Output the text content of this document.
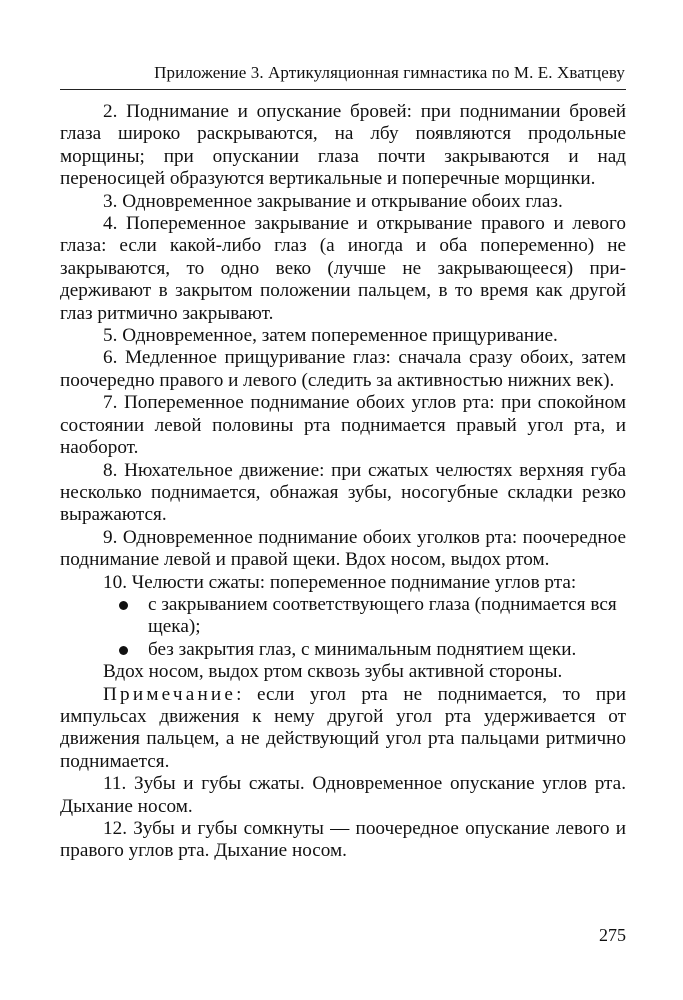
Приложение 3. Артикуляционная гимнастика по М. Е. Хватцеву

2. Поднимание и опускание бровей: при поднимании бровей глаза широко раскрываются, на лбу появляются продольные морщины; при опускании глаза почти закрываются и над переносицей образуются вертикальные и поперечные морщинки.

3. Одновременное закрывание и открывание обоих глаз.

4. Попеременное закрывание и открывание правого и левого глаза: если какой-либо глаз (а иногда и оба попеременно) не закрываются, то одно веко (лучше не закрывающееся) придерживают в закрытом положении пальцем, в то время как другой глаз ритмично закрывают.

5. Одновременное, затем попеременное прищуривание.

6. Медленное прищуривание глаз: сначала сразу обоих, затем поочередно правого и левого (следить за активностью нижних век).

7. Попеременное поднимание обоих углов рта: при спокойном состоянии левой половины рта поднимается правый угол рта, и наоборот.

8. Нюхательное движение: при сжатых челюстях верхняя губа несколько поднимается, обнажая зубы, носогубные складки резко выражаются.

9. Одновременное поднимание обоих уголков рта: поочередное поднимание левой и правой щеки. Вдох носом, выдох ртом.

10. Челюсти сжаты: попеременное поднимание углов рта:

с закрыванием соответствующего глаза (поднимается вся щека);
без закрытия глаз, с минимальным поднятием щеки.

Вдох носом, выдох ртом сквозь зубы активной стороны.

Примечание: если угол рта не поднимается, то при импульсах движения к нему другой угол рта удерживается от движения пальцем, а не действующий угол рта пальцами ритмично поднимается.

11. Зубы и губы сжаты. Одновременное опускание углов рта. Дыхание носом.

12. Зубы и губы сомкнуты — поочередное опускание левого и правого углов рта. Дыхание носом.

275
